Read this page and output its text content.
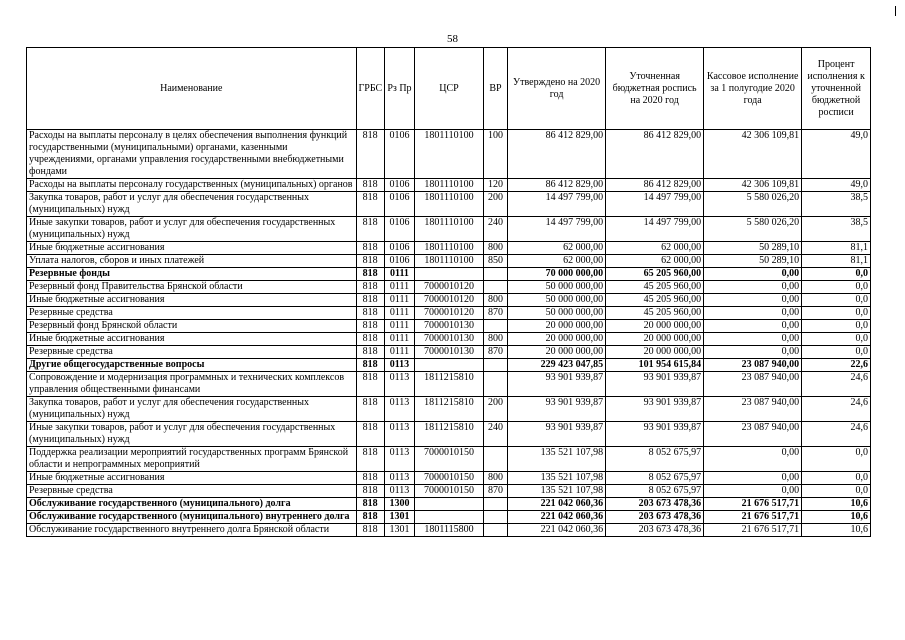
58
Наименование	ГРБС	Рз Пр	ЦСР	ВР	Утверждено на 2020 год	Уточненная бюджетная роспись на 2020 год	Кассовое исполнение за 1 полугодие 2020 года	Процент исполнения к уточненной бюджетной росписи
Расходы на выплаты персоналу в целях обеспечения выполнения функций государственными (муниципальными) органами, казенными учреждениями, органами управления государственными внебюджетными фондами	818	0106	1801110100	100	86 412 829,00	86 412 829,00	42 306 109,81	49,0
Расходы на выплаты персоналу государственных (муниципальных) органов	818	0106	1801110100	120	86 412 829,00	86 412 829,00	42 306 109,81	49,0
Закупка товаров, работ и услуг для обеспечения государственных (муниципальных) нужд	818	0106	1801110100	200	14 497 799,00	14 497 799,00	5 580 026,20	38,5
Иные закупки товаров, работ и услуг для обеспечения государственных (муниципальных) нужд	818	0106	1801110100	240	14 497 799,00	14 497 799,00	5 580 026,20	38,5
Иные бюджетные ассигнования	818	0106	1801110100	800	62 000,00	62 000,00	50 289,10	81,1
Уплата налогов, сборов и иных платежей	818	0106	1801110100	850	62 000,00	62 000,00	50 289,10	81,1
Резервные фонды	818	0111			70 000 000,00	65 205 960,00	0,00	0,0
Резервный фонд Правительства Брянской области	818	0111	7000010120		50 000 000,00	45 205 960,00	0,00	0,0
Иные бюджетные ассигнования	818	0111	7000010120	800	50 000 000,00	45 205 960,00	0,00	0,0
Резервные средства	818	0111	7000010120	870	50 000 000,00	45 205 960,00	0,00	0,0
Резервный фонд Брянской области	818	0111	7000010130		20 000 000,00	20 000 000,00	0,00	0,0
Иные бюджетные ассигнования	818	0111	7000010130	800	20 000 000,00	20 000 000,00	0,00	0,0
Резервные средства	818	0111	7000010130	870	20 000 000,00	20 000 000,00	0,00	0,0
Другие общегосударственные вопросы	818	0113			229 423 047,85	101 954 615,84	23 087 940,00	22,6
Сопровождение и модернизация программных и технических комплексов управления общественными финансами	818	0113	1811215810		93 901 939,87	93 901 939,87	23 087 940,00	24,6
Закупка товаров, работ и услуг для обеспечения государственных (муниципальных) нужд	818	0113	1811215810	200	93 901 939,87	93 901 939,87	23 087 940,00	24,6
Иные закупки товаров, работ и услуг для обеспечения государственных (муниципальных) нужд	818	0113	1811215810	240	93 901 939,87	93 901 939,87	23 087 940,00	24,6
Поддержка реализации мероприятий государственных программ Брянской области и непрограммных мероприятий	818	0113	7000010150		135 521 107,98	8 052 675,97	0,00	0,0
Иные бюджетные ассигнования	818	0113	7000010150	800	135 521 107,98	8 052 675,97	0,00	0,0
Резервные средства	818	0113	7000010150	870	135 521 107,98	8 052 675,97	0,00	0,0
Обслуживание государственного (муниципального) долга	818	1300			221 042 060,36	203 673 478,36	21 676 517,71	10,6
Обслуживание государственного (муниципального) внутреннего долга	818	1301			221 042 060,36	203 673 478,36	21 676 517,71	10,6
Обслуживание государственного внутреннего долга Брянской области	818	1301	1801115800		221 042 060,36	203 673 478,36	21 676 517,71	10,6
